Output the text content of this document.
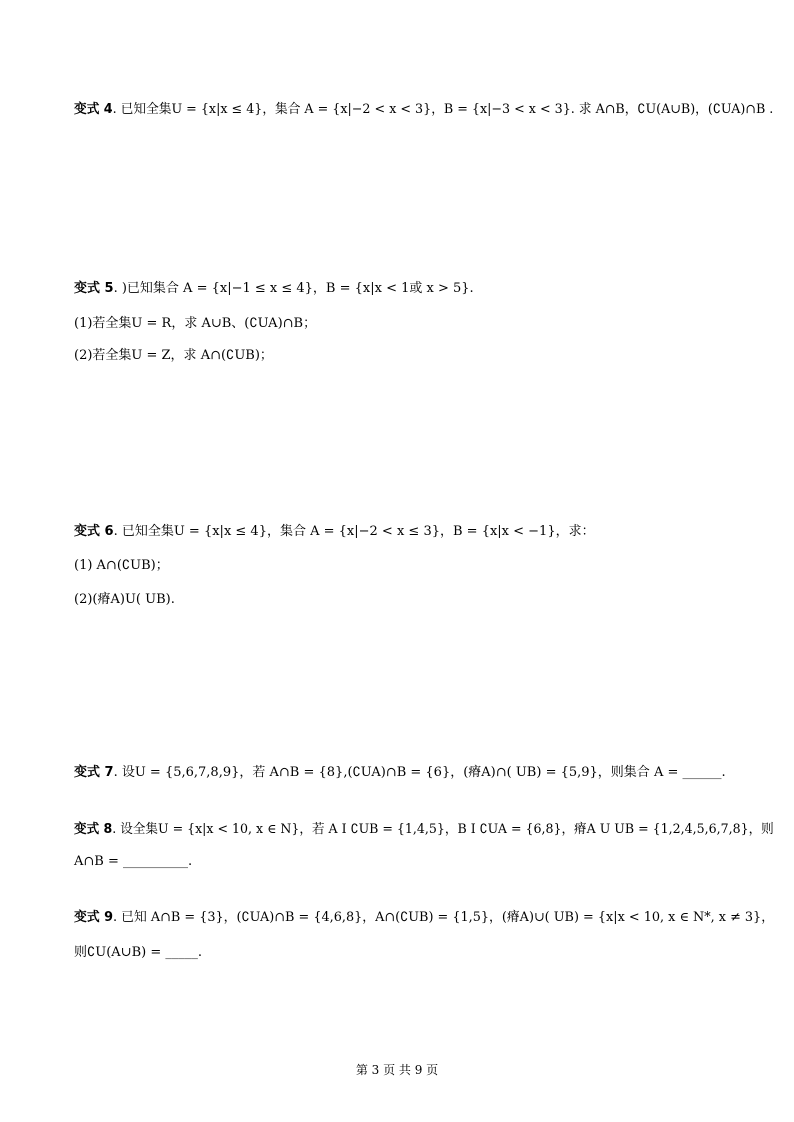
变式 4. 已知全集U = {x|x ≤ 4}，集合 A = {x|−2 < x < 3}，B = {x|−3 < x < 3}. 求 A∩B，∁U(A∪B)，(∁UA)∩B .
变式 5. )已知集合 A = {x|−1 ≤ x ≤ 4}，B = {x|x < 1或 x > 5}.
(1)若全集U = R，求 A∪B、(∁UA)∩B；
(2)若全集U = Z，求 A∩(∁UB)；
变式 6. 已知全集U = {x|x ≤ 4}，集合 A = {x|−2 < x ≤ 3}，B = {x|x < −1}，求：
(1) A∩(∁UB)；
(2)(瘠A)U( UB).
变式 7. 设U = {5,6,7,8,9}，若 A∩B = {8},(∁UA)∩B = {6}，(瘠A)∩( UB) = {5,9}，则集合 A = ______.
变式 8. 设全集U = {x|x < 10, x ∈ N}，若 A I ∁UB = {1,4,5}，B I ∁UA = {6,8}，瘠A U UB = {1,2,4,5,6,7,8}，则
A∩B = __________.
变式 9. 已知 A∩B = {3}，(∁UA)∩B = {4,6,8}，A∩(∁UB) = {1,5}，(瘠A)∪( UB) = {x|x < 10, x ∈ N*, x ≠ 3}，
则∁U(A∪B) = _____.
第 3 页 共 9 页
